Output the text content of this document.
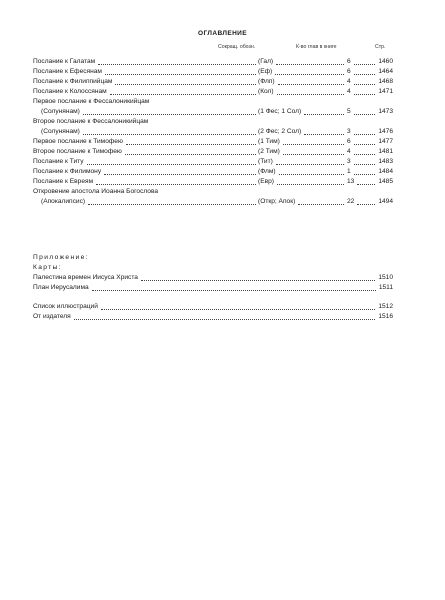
ОГЛАВЛЕНИЕ
Сокращ. обозн.	К-во глав в книге	Стр.
Послание к Галатам	(Гал)	6	1460
Послание к Ефесянам	(Еф)	6	1464
Послание к Филиппийцам	(Флп)	4	1468
Послание к Колоссянам	(Кол)	4	1471
Первое послание к Фессалоникийцам
(Солунянам)	(1 Фес; 1 Сол)	5	1473
Второе послание к Фессалоникийцам
(Солунянам)	(2 Фес; 2 Сол)	3	1476
Первое послание к Тимофею	(1 Тим)	6	1477
Второе послание к Тимофею	(2 Тим)	4	1481
Послание к Титу	(Тит)	3	1483
Послание к Филимону	(Флм)	1	1484
Послание к Евреям	(Евр)	13	1485
Откровение апостола Иоанна Богослова
(Апокалипсис)	(Откр; Апок)	22	1494
Приложение:
Карты:
Палестина времен Иисуса Христа	1510
План Иерусалима	1511
Список иллюстраций	1512
От издателя	1516
